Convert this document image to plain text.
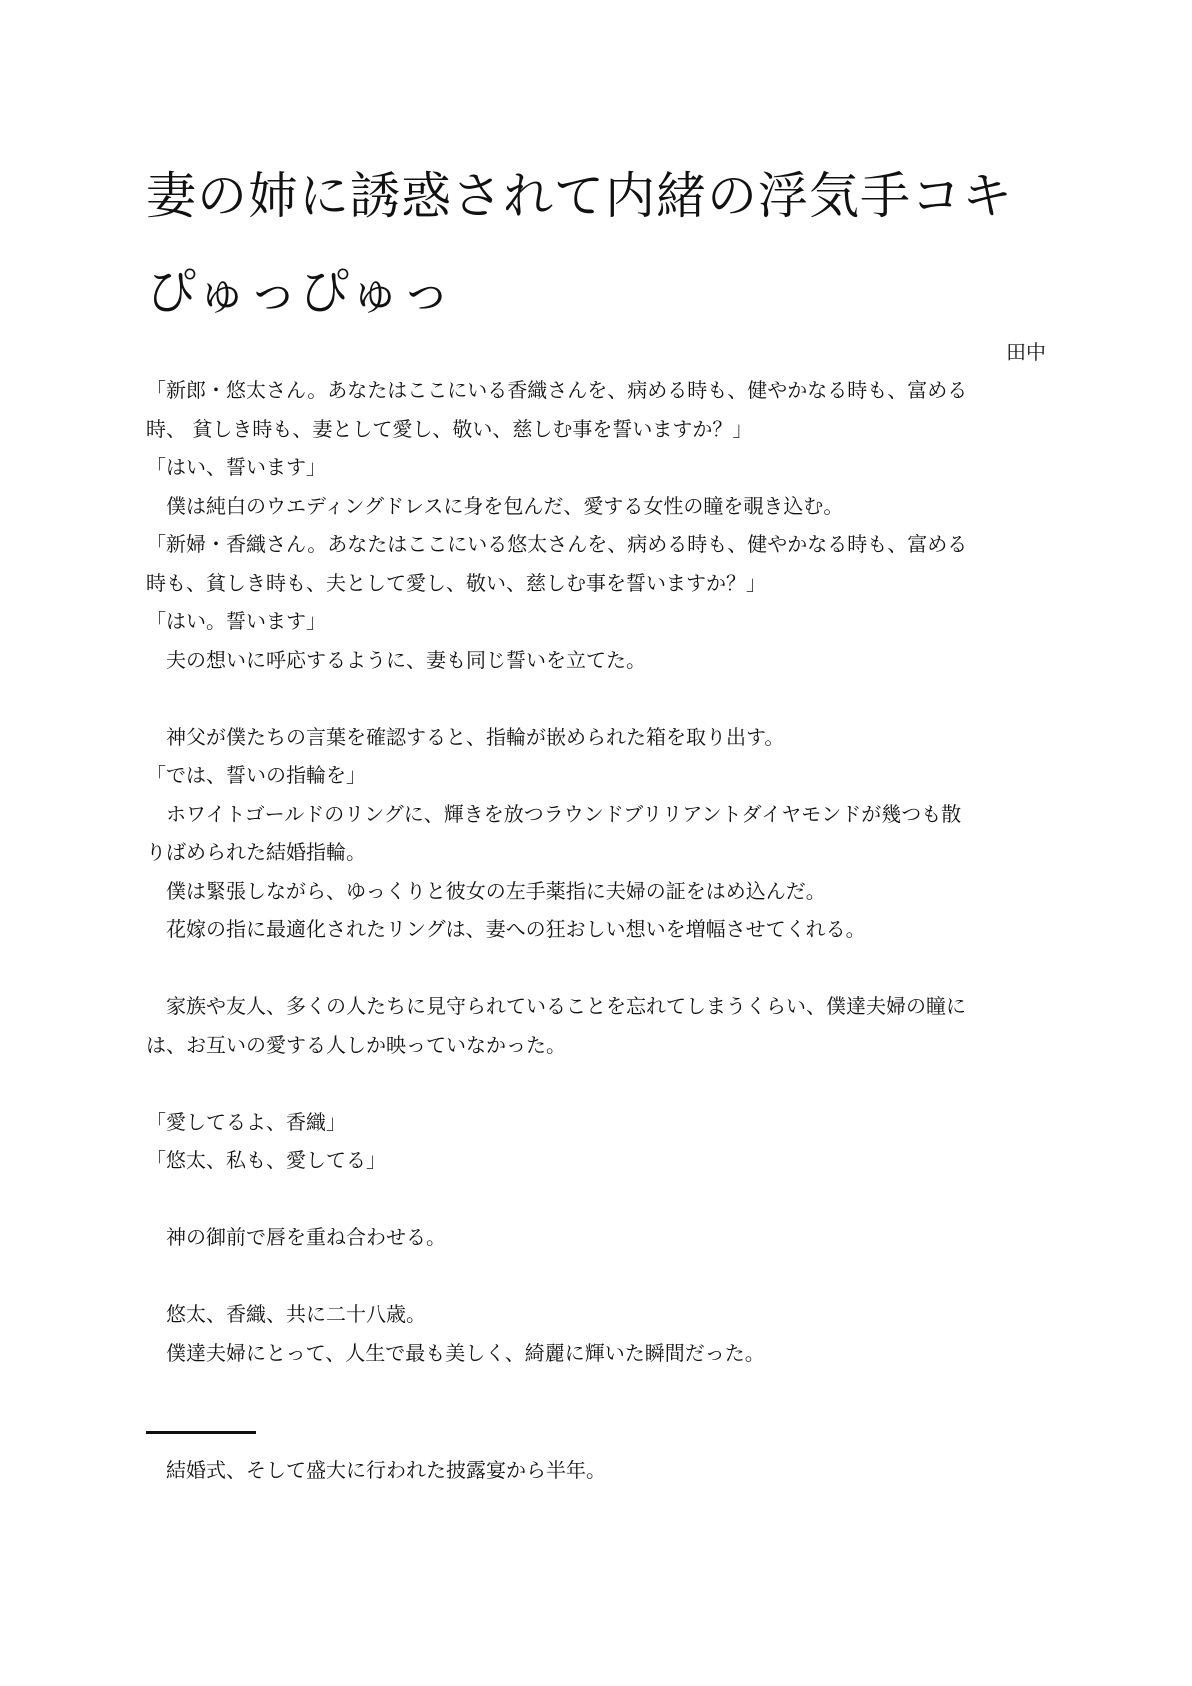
妻の姉に誘惑されて内緒の浮気手コキ
ぴゅっぴゅっ
田中
「新郎・悠太さん。あなたはここにいる香織さんを、病める時も、健やかなる時も、富める
時、 貧しき時も、妻として愛し、敬い、慈しむ事を誓いますか？」
「はい、誓います」
僕は純白のウエディングドレスに身を包んだ、愛する女性の瞳を覗き込む。
「新婦・香織さん。あなたはここにいる悠太さんを、病める時も、健やかなる時も、富める
時も、貧しき時も、夫として愛し、敬い、慈しむ事を誓いますか？」
「はい。誓います」
夫の想いに呼応するように、妻も同じ誓いを立てた。
神父が僕たちの言葉を確認すると、指輪が嵌められた箱を取り出す。
「では、誓いの指輪を」
ホワイトゴールドのリングに、輝きを放つラウンドブリリアントダイヤモンドが幾つも散
りばめられた結婚指輪。
僕は緊張しながら、ゆっくりと彼女の左手薬指に夫婦の証をはめ込んだ。
花嫁の指に最適化されたリングは、妻への狂おしい想いを増幅させてくれる。
家族や友人、多くの人たちに見守られていることを忘れてしまうくらい、僕達夫婦の瞳に
は、お互いの愛する人しか映っていなかった。
「愛してるよ、香織」
「悠太、私も、愛してる」
神の御前で唇を重ね合わせる。
悠太、香織、共に二十八歳。
僕達夫婦にとって、人生で最も美しく、綺麗に輝いた瞬間だった。
結婚式、そして盛大に行われた披露宴から半年。
